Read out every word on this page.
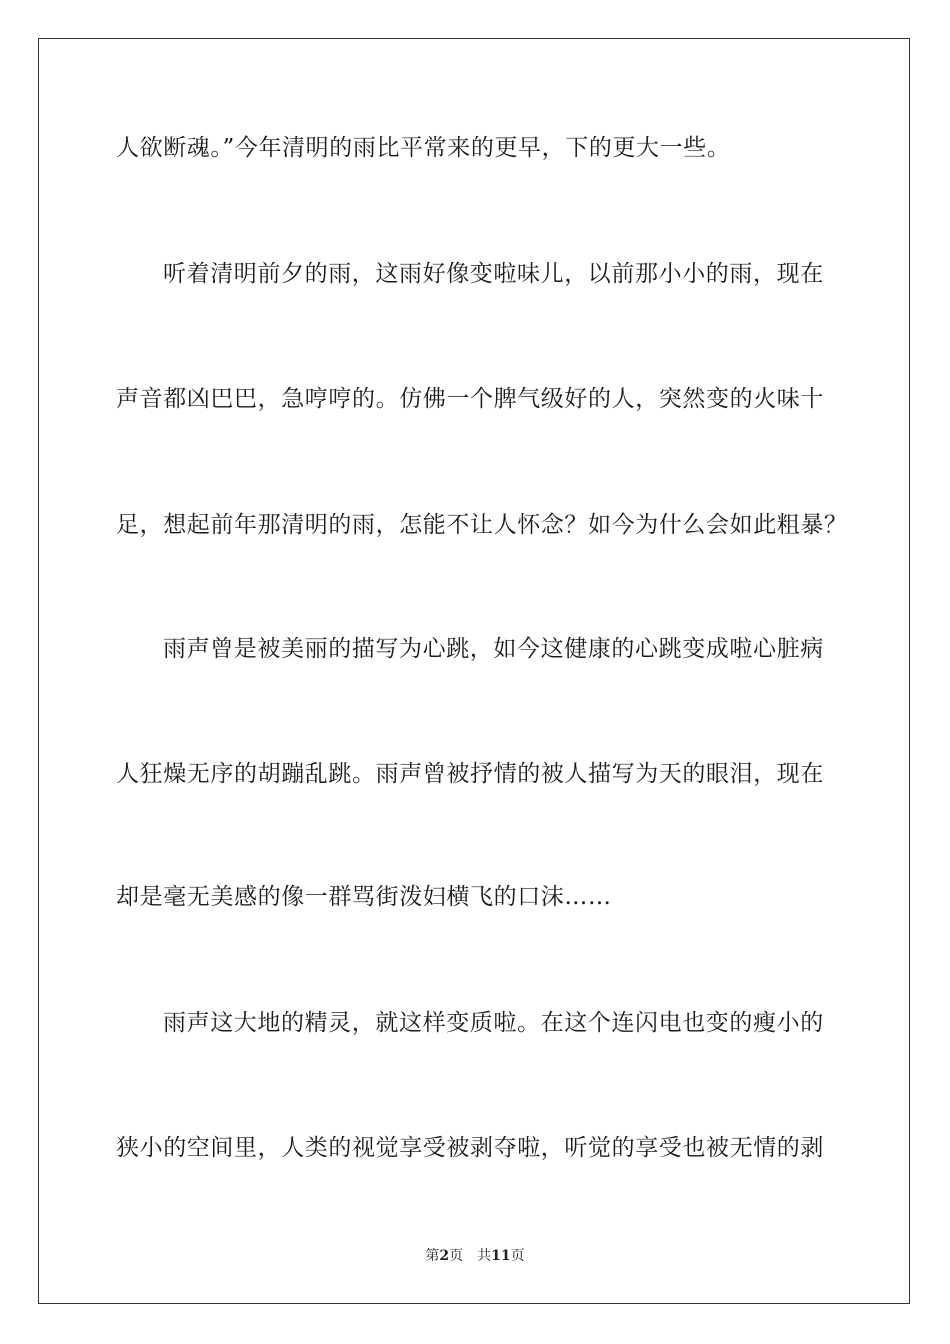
人欲断魂。”今年清明的雨比平常来的更早，下的更大一些。
听着清明前夕的雨，这雨好像变啦味儿，以前那小小的雨，现在
声音都凶巴巴，急哼哼的。仿佛一个脾气级好的人，突然变的火味十
足，想起前年那清明的雨，怎能不让人怀念？如今为什么会如此粗暴？
雨声曾是被美丽的描写为心跳，如今这健康的心跳变成啦心脏病
人狂燥无序的胡蹦乱跳。雨声曾被抒情的被人描写为天的眼泪，现在
却是毫无美感的像一群骂街泼妇横飞的口沫……
雨声这大地的精灵，就这样变质啦。在这个连闪电也变的瘦小的
狭小的空间里，人类的视觉享受被剥夺啦，听觉的享受也被无情的剥
第2页 共11页
